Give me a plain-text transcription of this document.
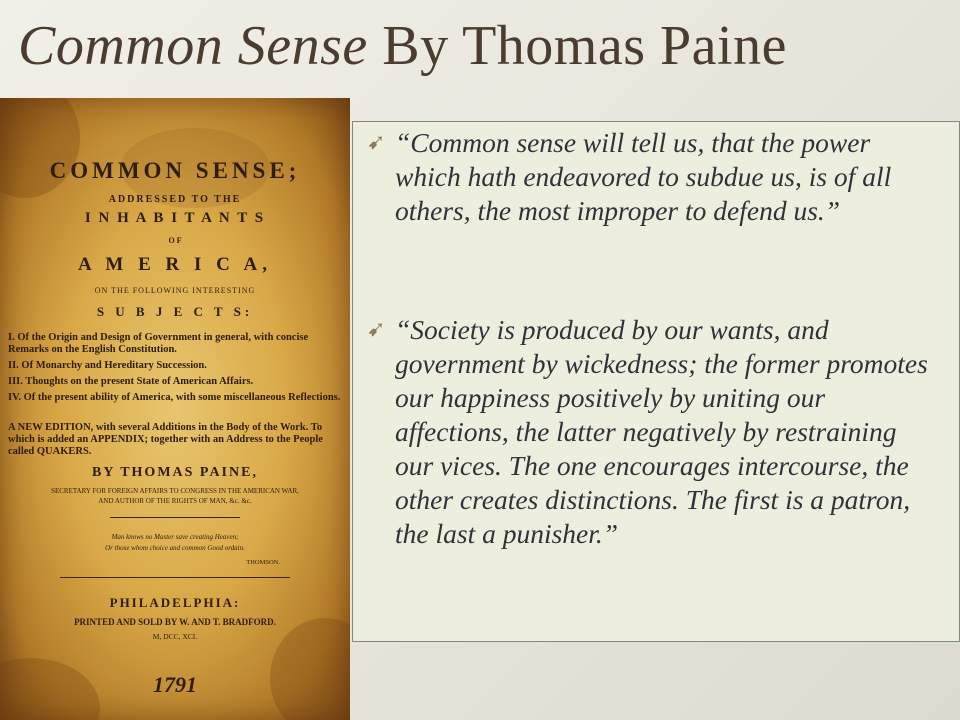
Common Sense By Thomas Paine
COMMON SENSE;
ADDRESSED TO THE
I N H A B I T A N T S
O F
A M E R I C A,
ON THE FOLLOWING INTERESTING
S U B J E C T S:
I. Of the Origin and Design of Government in general, with concise Remarks on the English Constitution.
II. Of Monarchy and Hereditary Succession.
III. Thoughts on the present State of American Affairs.
IV. Of the present ability of America, with some miscellaneous Reflections.
A NEW EDITION, with several Additions in the Body of the Work. To which is added an APPENDIX; together with an Address to the People called QUAKERS.
BY THOMAS PAINE,
SECRETARY FOR FOREIGN AFFAIRS TO CONGRESS IN THE AMERICAN WAR,
AND AUTHOR OF THE RIGHTS OF MAN, &c. &c.
Man knows no Master save creating Heaven;
Or those whom choice and common Good ordain.
THOMSON.
PHILADELPHIA:
PRINTED AND SOLD BY W. AND T. BRADFORD.
M, DCC, XCI.
1791
➹ “Common sense will tell us, that the power which hath endeavored to subdue us, is of all others, the most improper to defend us.”
➹ “Society is produced by our wants, and government by wickedness; the former promotes our happiness positively by uniting our affections, the latter negatively by restraining our vices. The one encourages intercourse, the other creates distinctions. The first is a patron, the last a punisher.”
